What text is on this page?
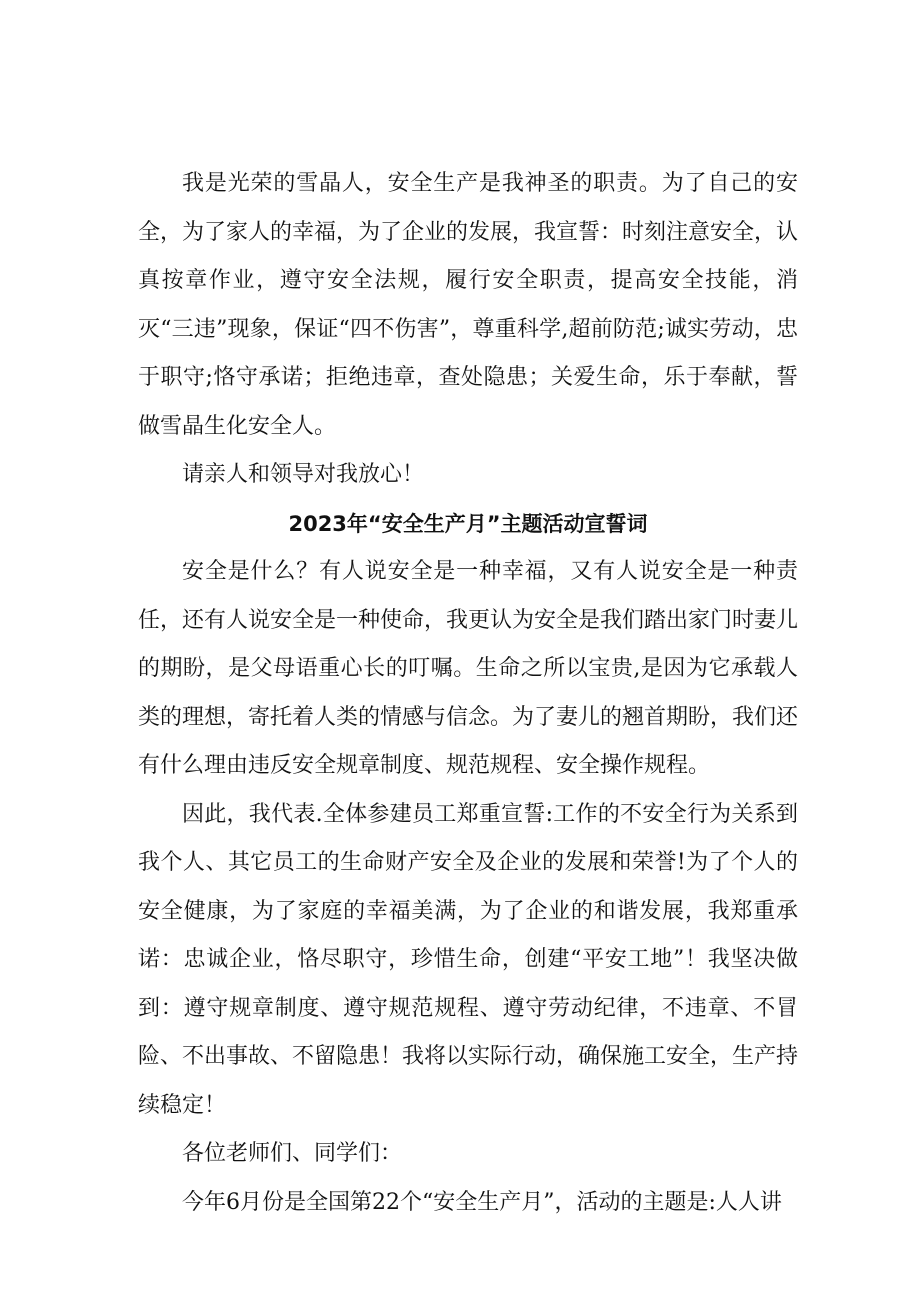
我是光荣的雪晶人，安全生产是我神圣的职责。为了自己的安全，为了家人的幸福，为了企业的发展，我宣誓：时刻注意安全，认真按章作业，遵守安全法规，履行安全职责，提高安全技能，消灭“三违”现象，保证“四不伤害”，尊重科学,超前防范;诚实劳动，忠于职守;恪守承诺；拒绝违章，查处隐患；关爱生命，乐于奉献，誓做雪晶生化安全人。

请亲人和领导对我放心！

2023年“安全生产月”主题活动宣誓词

安全是什么？有人说安全是一种幸福，又有人说安全是一种责任，还有人说安全是一种使命，我更认为安全是我们踏出家门时妻儿的期盼，是父母语重心长的叮嘱。生命之所以宝贵,是因为它承载人类的理想，寄托着人类的情感与信念。为了妻儿的翘首期盼，我们还有什么理由违反安全规章制度、规范规程、安全操作规程。

因此，我代表.全体参建员工郑重宣誓:工作的不安全行为关系到我个人、其它员工的生命财产安全及企业的发展和荣誉!为了个人的安全健康，为了家庭的幸福美满，为了企业的和谐发展，我郑重承诺：忠诚企业，恪尽职守，珍惜生命，创建“平安工地”！我坚决做到：遵守规章制度、遵守规范规程、遵守劳动纪律，不违章、不冒险、不出事故、不留隐患！我将以实际行动，确保施工安全，生产持续稳定！

各位老师们、同学们：

今年6月份是全国第22个“安全生产月”，活动的主题是:人人讲
